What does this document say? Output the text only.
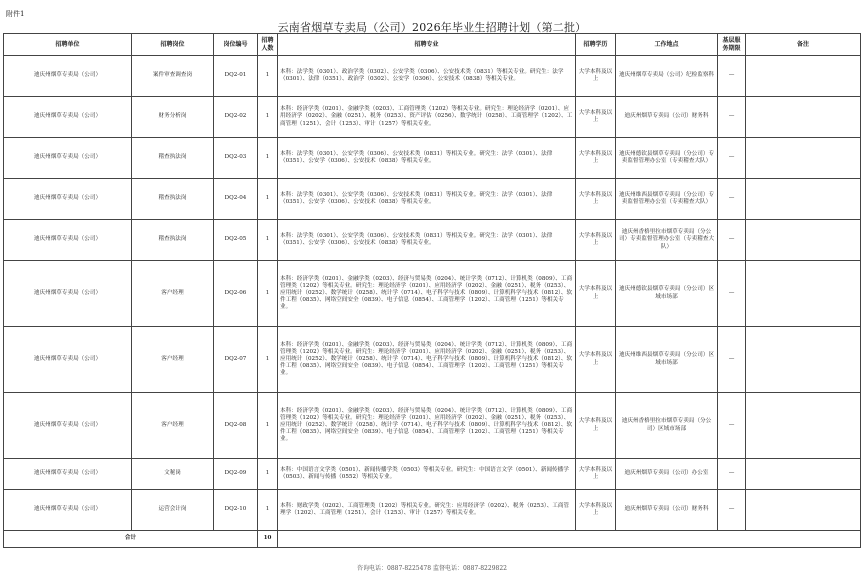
附件1
云南省烟草专卖局（公司）2026年毕业生招聘计划（第二批）
招聘单位	招聘岗位	岗位编号	招聘人数	招聘专业	招聘学历	工作地点	基层服务期限	备注
迪庆州烟草专卖局（公司）	案件审查调查岗	DQ2-01	1	本科：法学类（0301）、政治学类（0302）、公安学类（0306）、公安技术类（0831）等相关专业。研究生：法学（0301）、法律（0351）、政治学（0302）、公安学（0306）、公安技术（0838）等相关专业。	大学本科及以上	迪庆州烟草专卖局（公司）纪检监察科	—	
迪庆州烟草专卖局（公司）	财务分析岗	DQ2-02	1	本科：经济学类（0201）、金融学类（0203）、工商管理类（1202）等相关专业。研究生：理论经济学（0201）、应用经济学（0202）、金融（0251）、税务（0253）、资产评估（0256）、数学统计（0258）、工商管理学（1202）、工商管理（1251）、会计（1253）、审计（1257）等相关专业。	大学本科及以上	迪庆州烟草专卖局（公司）财务科	—	
迪庆州烟草专卖局（公司）	稽查执法岗	DQ2-03	1	本科：法学类（0301）、公安学类（0306）、公安技术类（0831）等相关专业。研究生：法学（0301）、法律（0351）、公安学（0306）、公安技术（0838）等相关专业。	大学本科及以上	迪庆州德钦县烟草专卖局（分公司）专卖监督管理办公室（专卖稽查大队）	—	
迪庆州烟草专卖局（公司）	稽查执法岗	DQ2-04	1	本科：法学类（0301）、公安学类（0306）、公安技术类（0831）等相关专业。研究生：法学（0301）、法律（0351）、公安学（0306）、公安技术（0838）等相关专业。	大学本科及以上	迪庆州维西县烟草专卖局（分公司）专卖监督管理办公室（专卖稽查大队）	—	
迪庆州烟草专卖局（公司）	稽查执法岗	DQ2-05	1	本科：法学类（0301）、公安学类（0306）、公安技术类（0831）等相关专业。研究生：法学（0301）、法律（0351）、公安学（0306）、公安技术（0838）等相关专业。	大学本科及以上	迪庆州香格里拉市烟草专卖局（分公司）专卖监督管理办公室（专卖稽查大队）	—	
迪庆州烟草专卖局（公司）	客户经理	DQ2-06	1	本科：经济学类（0201）、金融学类（0203）、经济与贸易类（0204）、统计学类（0712）、计算机类（0809）、工商管理类（1202）等相关专业。研究生：理论经济学（0201）、应用经济学（0202）、金融（0251）、税务（0253）、应用统计（0252）、数学统计（0258）、统计学（0714）、电子科学与技术（0809）、计算机科学与技术（0812）、软件工程（0835）、网络空间安全（0839）、电子信息（0854）、工商管理学（1202）、工商管理（1251）等相关专业。	大学本科及以上	迪庆州德钦县烟草专卖局（分公司）区域市场部	—	
迪庆州烟草专卖局（公司）	客户经理	DQ2-07	1	本科：经济学类（0201）、金融学类（0203）、经济与贸易类（0204）、统计学类（0712）、计算机类（0809）、工商管理类（1202）等相关专业。研究生：理论经济学（0201）、应用经济学（0202）、金融（0251）、税务（0253）、应用统计（0252）、数学统计（0258）、统计学（0714）、电子科学与技术（0809）、计算机科学与技术（0812）、软件工程（0835）、网络空间安全（0839）、电子信息（0854）、工商管理学（1202）、工商管理（1251）等相关专业。	大学本科及以上	迪庆州维西县烟草专卖局（分公司）区域市场部	—	
迪庆州烟草专卖局（公司）	客户经理	DQ2-08	1	本科：经济学类（0201）、金融学类（0203）、经济与贸易类（0204）、统计学类（0712）、计算机类（0809）、工商管理类（1202）等相关专业。研究生：理论经济学（0201）、应用经济学（0202）、金融（0251）、税务（0253）、应用统计（0252）、数学统计（0258）、统计学（0714）、电子科学与技术（0809）、计算机科学与技术（0812）、软件工程（0835）、网络空间安全（0839）、电子信息（0854）、工商管理学（1202）、工商管理（1251）等相关专业。	大学本科及以上	迪庆州香格里拉市烟草专卖局（分公司）区域市场部	—	
迪庆州烟草专卖局（公司）	文秘岗	DQ2-09	1	本科：中国语言文学类（0501）、新闻传播学类（0503）等相关专业。研究生：中国语言文学（0501）、新闻传播学（0503）、新闻与传播（0552）等相关专业。	大学本科及以上	迪庆州烟草专卖局（公司）办公室	—	
迪庆州烟草专卖局（公司）	运营会计岗	DQ2-10	1	本科：财政学类（0202）、工商管理类（1202）等相关专业。研究生：应用经济学（0202）、税务（0253）、工商管理学（1202）、工商管理（1251）、会计（1253）、审计（1257）等相关专业。	大学本科及以上	迪庆州烟草专卖局（公司）财务科	—	
合计			10					
咨询电话：0887-8225478 监督电话：0887-8229822
